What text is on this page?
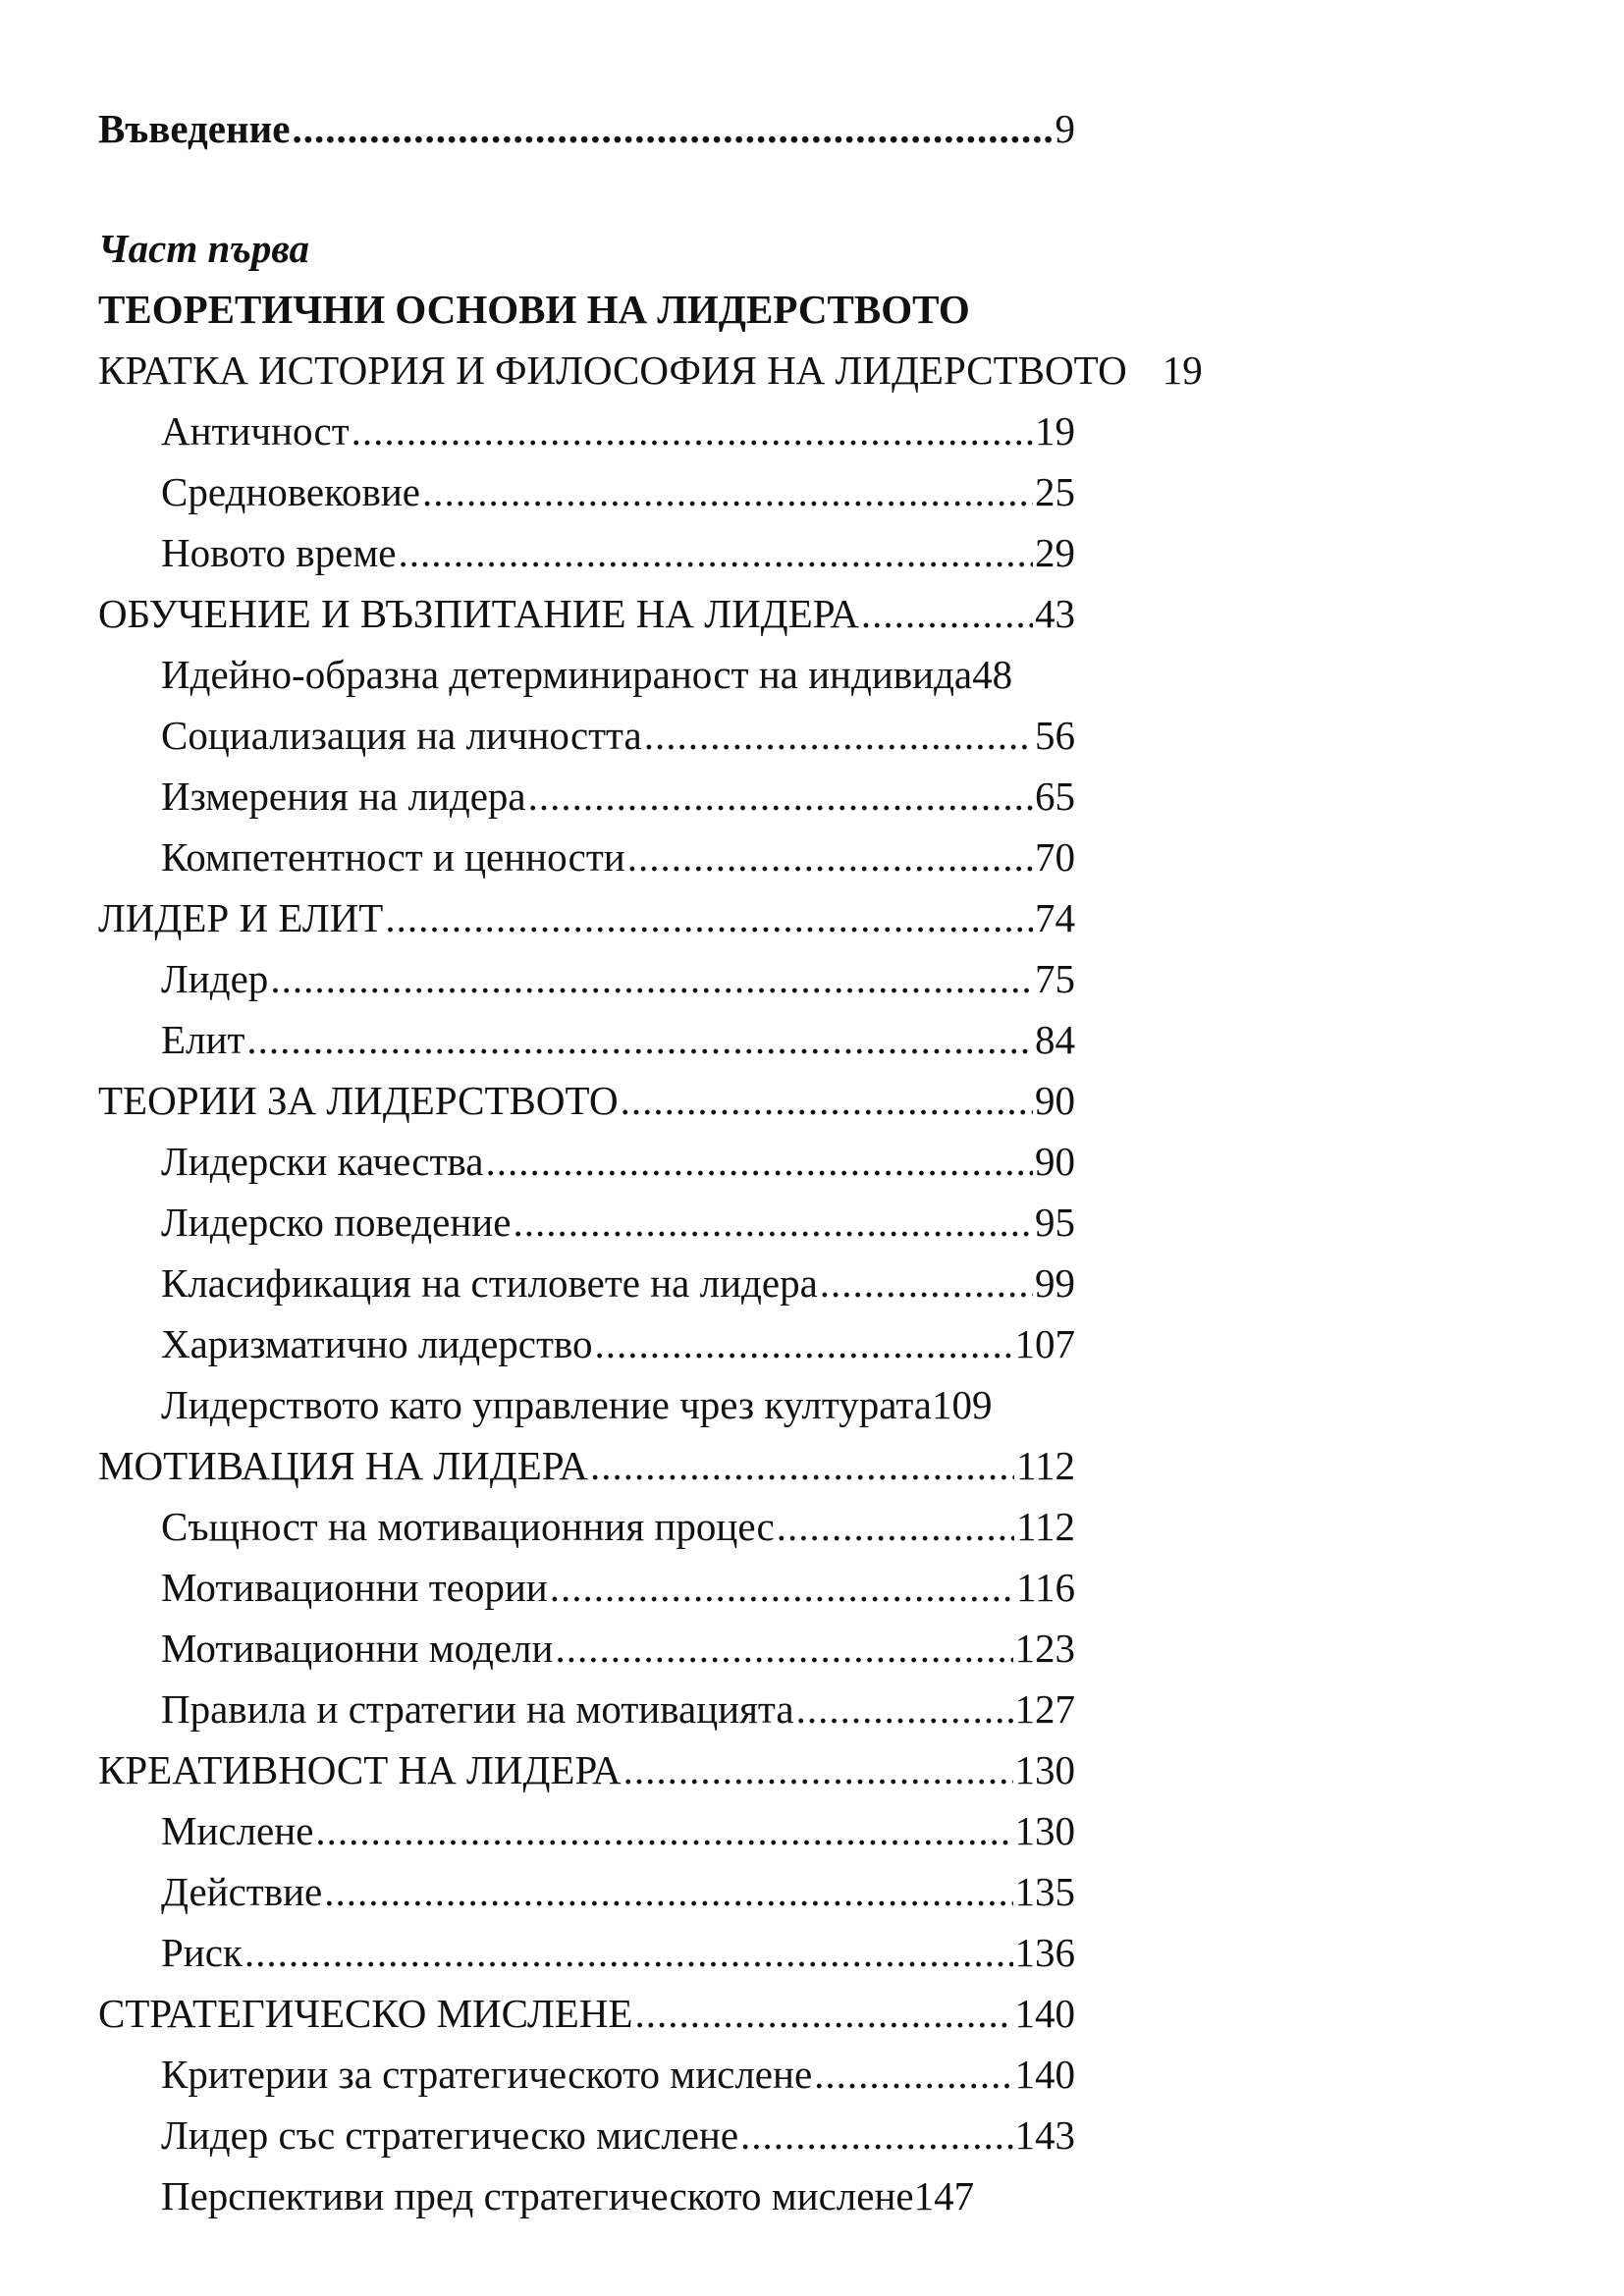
Въведение .....	9
Част първа
ТЕОРЕТИЧНИ ОСНОВИ НА ЛИДЕРСТВОТО
КРАТКА ИСТОРИЯ И ФИЛОСОФИЯ НА ЛИДЕРСТВОТО 19
Античност .....	19
Средновековие .....	25
Новото време .....	29
ОБУЧЕНИЕ И ВЪЗПИТАНИЕ НА ЛИДЕРА .....	43
Идейно-образна детерминираност на индивида 48
Социализация на личността .....	56
Измерения на лидера .....	65
Компетентност и ценности .....	70
ЛИДЕР И ЕЛИТ .....	74
Лидер .....	75
Елит .....	84
ТЕОРИИ ЗА ЛИДЕРСТВОТО .....	90
Лидерски качества .....	90
Лидерско поведение .....	95
Класификация на стиловете на лидера .....	99
Харизматично лидерство .....	107
Лидерството като управление чрез културата 109
МОТИВАЦИЯ НА ЛИДЕРА .....	112
Същност на мотивационния процес .....	112
Мотивационни теории .....	116
Мотивационни модели .....	123
Правила и стратегии на мотивацията .....	127
КРЕАТИВНОСТ НА ЛИДЕРА .....	130
Мислене .....	130
Действие .....	135
Риск .....	136
СТРАТЕГИЧЕСКО МИСЛЕНЕ .....	140
Критерии за стратегическото мислене .....	140
Лидер със стратегическо мислене .....	143
Перспективи пред стратегическото мислене 147
